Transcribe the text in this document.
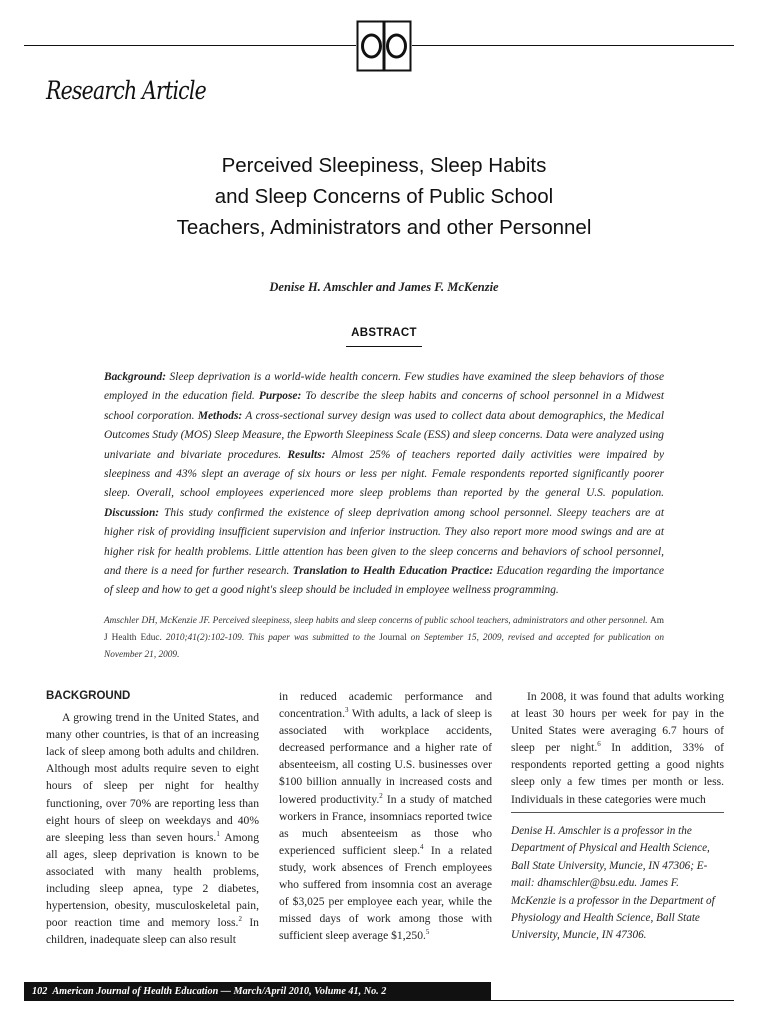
Research Article
Perceived Sleepiness, Sleep Habits
and Sleep Concerns of Public School
Teachers, Administrators and other Personnel
Denise H. Amschler and James F. McKenzie
ABSTRACT
Background: Sleep deprivation is a world-wide health concern. Few studies have examined the sleep behaviors of those employed in the education field. Purpose: To describe the sleep habits and concerns of school personnel in a Midwest school corporation. Methods: A cross-sectional survey design was used to collect data about demographics, the Medical Outcomes Study (MOS) Sleep Measure, the Epworth Sleepiness Scale (ESS) and sleep concerns. Data were analyzed using univariate and bivariate procedures. Results: Almost 25% of teachers reported daily activities were impaired by sleepiness and 43% slept an average of six hours or less per night. Female respondents reported significantly poorer sleep. Overall, school employees experienced more sleep problems than reported by the general U.S. population. Discussion: This study confirmed the existence of sleep deprivation among school personnel. Sleepy teachers are at higher risk of providing insufficient supervision and inferior instruction. They also report more mood swings and are at higher risk for health problems. Little attention has been given to the sleep concerns and behaviors of school personnel, and there is a need for further research. Translation to Health Education Practice: Education regarding the importance of sleep and how to get a good night's sleep should be included in employee wellness programming.
Amschler DH, McKenzie JF. Perceived sleepiness, sleep habits and sleep concerns of public school teachers, administrators and other personnel. Am J Health Educ. 2010;41(2):102-109. This paper was submitted to the Journal on September 15, 2009, revised and accepted for publication on November 21, 2009.
BACKGROUND

A growing trend in the United States, and many other countries, is that of an increasing lack of sleep among both adults and children. Although most adults require seven to eight hours of sleep per night for healthy functioning, over 70% are reporting less than eight hours of sleep on weekdays and 40% are sleeping less than seven hours.$^1$ Among all ages, sleep deprivation is known to be associated with many health problems, including sleep apnea, type 2 diabetes, hypertension, obesity, musculoskeletal pain, poor reaction time and memory loss.$^2$ In children, inadequate sleep can also result

in reduced academic performance and concentration.$^3$ With adults, a lack of sleep is associated with workplace accidents, decreased performance and a higher rate of absenteeism, all costing U.S. businesses over $100 billion annually in increased costs and lowered productivity.$^2$ In a study of matched workers in France, insomniacs reported twice as much absenteeism as those who experienced sufficient sleep.$^4$ In a related study, work absences of French employees who suffered from insomnia cost an average of $3,025 per employee each year, while the missed days of work among those with sufficient sleep average $1,250.$^5$

In 2008, it was found that adults working at least 30 hours per week for pay in the United States were averaging 6.7 hours of sleep per night.$^6$ In addition, 33% of respondents reported getting a good nights sleep only a few times per month or less. Individuals in these categories were much

Denise H. Amschler is a professor in the Department of Physical and Health Science, Ball State University, Muncie, IN 47306; E-mail: dhamschler@bsu.edu. James F. McKenzie is a professor in the Department of Physiology and Health Science, Ball State University, Muncie, IN 47306.
102 American Journal of Health Education — March/April 2010, Volume 41, No. 2
